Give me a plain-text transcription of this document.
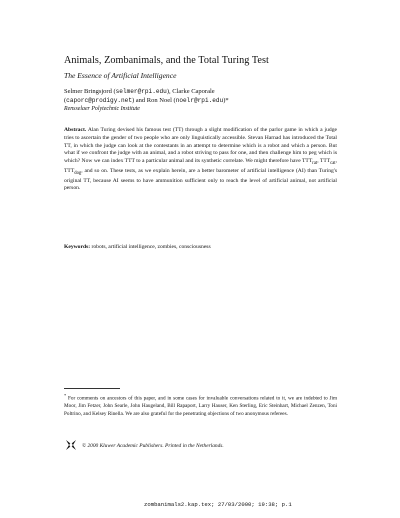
Animals, Zombanimals, and the Total Turing Test
The Essence of Artificial Intelligence
Selmer Bringsjord (selmer@rpi.edu), Clarke Caporale
(caporc@prodigy.net) and Ron Noel (noelr@rpi.edu)*
Rensselaer Polytechnic Institute
Abstract. Alan Turing devised his famous test (TT) through a slight modification of the parlor game in which a judge tries to ascertain the gender of two people who are only linguistically accessible. Stevan Harnad has introduced the Total TT, in which the judge can look at the contestants in an attempt to determine which is a robot and which a person. But what if we confront the judge with an animal, and a robot striving to pass for one, and then challenge him to peg which is which? Now we can index TTT to a particular animal and its synthetic correlate. We might therefore have $TTT_{rat}$, $TTT_{cat}$, $TTT_{dog}$, and so on. These tests, as we explain herein, are a better barometer of artificial intelligence (AI) than Turing's original TT, because AI seems to have ammunition sufficient only to reach the level of artificial animal, not artificial person.
Keywords: robots, artificial intelligence, zombies, consciousness
* For comments on ancestors of this paper, and in some cases for invaluable conversations related to it, we are indebted to Jim Moor, Jim Fetzer, John Searle, John Haugeland, Bill Rapaport, Larry Hauser, Ken Sterling, Eric Steinhart, Michael Zenzen, Toni Poltrino, and Kelsey Rinella. We are also grateful for the penetrating objections of two anonymous referees.
© 2000 Kluwer Academic Publishers. Printed in the Netherlands.
zombanimals2.kap.tex; 27/03/2000; 19:38; p.1
